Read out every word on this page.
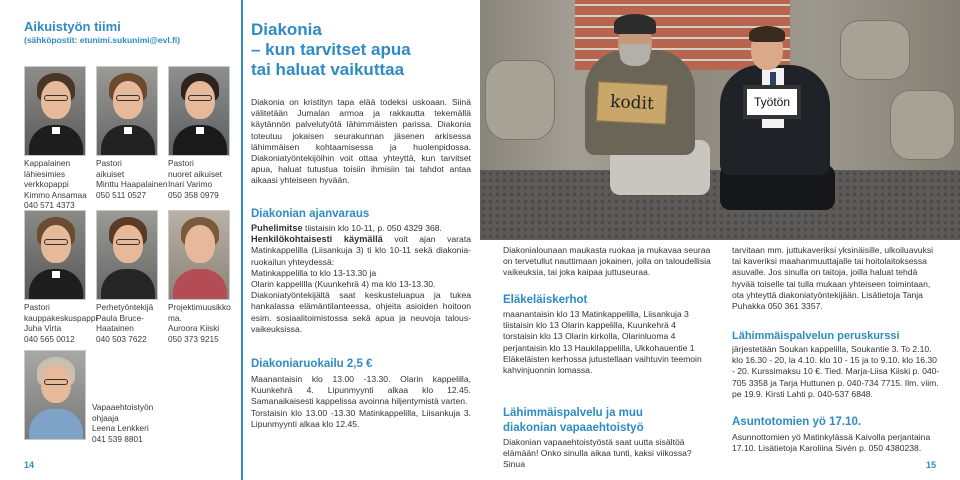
Aikuistyön tiimi
(sähköpostit: etunimi.sukunimi@evl.fi)
Kappalainen
lähiesimies
verkkopappi
Kimmo Ansamaa
040 571 4373
Pastori
aikuiset
Minttu Haapalainen
050 511 0527
Pastori
nuoret aikuiset
Inari Varimo
050 358 0979
Pastori
kauppakeskuspappi
Juha Virta
040 565 0012
Perhetyöntekijä
Paula Bruce-
Haatainen
040 503 7622
Projektimuusikko ma.
Auroora Kiiski
050 373 9215
Vapaaehtoistyön
ohjaaja
Leena Lenkkeri
041 539 8801
14
Diakonia
– kun tarvitset apua
tai haluat vaikuttaa
Diakonia on kristityn tapa elää todeksi uskoaan. Siinä välitetään Jumalan armoa ja rakkautta tekemällä käytännön palvelutyötä lähimmäisten parissa. Diakonia toteutuu jokaisen seurakunnan jäsenen arkisessa lähimmäisen kohtaamisessa ja huolenpidossa. Diakoniatyöntekijöihin voit ottaa yhteyttä, kun tarvitset apua, haluat tutustua toisiin ihmisiin tai tahdot antaa aikaasi yhteiseen hyvään.
Diakonian ajanvaraus
Puhelimitse tiistaisin klo 10-11, p. 050 4329 368.
Henkilökohtaisesti käymällä voit ajan varata Matinkappelilla (Liisankuja 3) ti klo 10-11 sekä diakoniaruokailun yhteydessä:
Matinkappelilla to klo 13-13.30 ja
Olarin kappelilla (Kuunkehrä 4) ma klo 13-13.30.
Diakoniatyöntekijältä saat keskusteluapua ja tukea hankalassa elämäntilanteessa, ohjeita asioiden hoitoon esim. sosiaalitoimistossa sekä apua ja neuvoja talousvaikeuksissa.
Diakoniaruokailu 2,5 €
Maanantaisin klo 13.00 -13.30. Olarin kappelilla, Kuunkehrä 4. Lipunmyynti alkaa klo 12.45. Samanaikaisesti kappelissa avoinna hiljentymistä varten.
Torstaisin klo 13.00 -13.30 Matinkappelilla, Liisankuja 3. Lipunmyynti alkaa klo 12.45.
kodit	Työtön
Diakonialounaan maukasta ruokaa ja mukavaa seuraa on tervetullut nauttimaan jokainen, jolla on taloudellisia vaikeuksia, tai joka kaipaa juttuseuraa.
Eläkeläiskerhot
maanantaisin klo 13 Matinkappelilla, Liisankuja 3
tiistaisin klo 13 Olarin kappelilla, Kuunkehrä 4
torstaisin klo 13 Olarin kirkolla, Olarinluoma 4
perjantaisin klo 13 Haukilappelilla, Ukkohauentie 1
Eläkeläisten kerhossa jutustellaan vaihtuvin teemoin kahvinjuonnin lomassa.
Lähimmäispalvelu ja muu
diakonian vapaaehtoistyö
Diakonian vapaaehtoistyöstä saat uutta sisältöä elämään! Onko sinulla aikaa tunti, kaksi viikossa? Sinua
tarvitaan mm. juttukaveriksi yksinäisille, ulkoiluavuksi tai kaveriksi maahanmuuttajalle tai hoitolaitoksessa asuvalle. Jos sinulla on taitoja, joilla haluat tehdä hyvää toiselle tai tulla mukaan yhteiseen toimintaan, ota yhteyttä diakoniatyöntekijään. Lisätietoja Tanja Puhakka 050 361 3357.
Lähimmäispalvelun peruskurssi
järjestetään Soukan kappelilla, Soukantie 3. To 2.10. klo 16.30 - 20, la 4.10. klo 10 - 15 ja to 9.10. klo 16.30 - 20. Kurssimaksu 10 €. Tied. Marja-Liisa Kiiski p. 040-705 3358 ja Tarja Huttunen p. 040-734 7715. Ilm. viim. pe 19.9. Kirsti Lahti p. 040-537 6848.
Asuntotomien yö 17.10.
Asunnottomien yö Matinkylässä Kaivolla perjantaina 17.10. Lisätietoja Karoliina Sivén p. 050 4380238.
15
